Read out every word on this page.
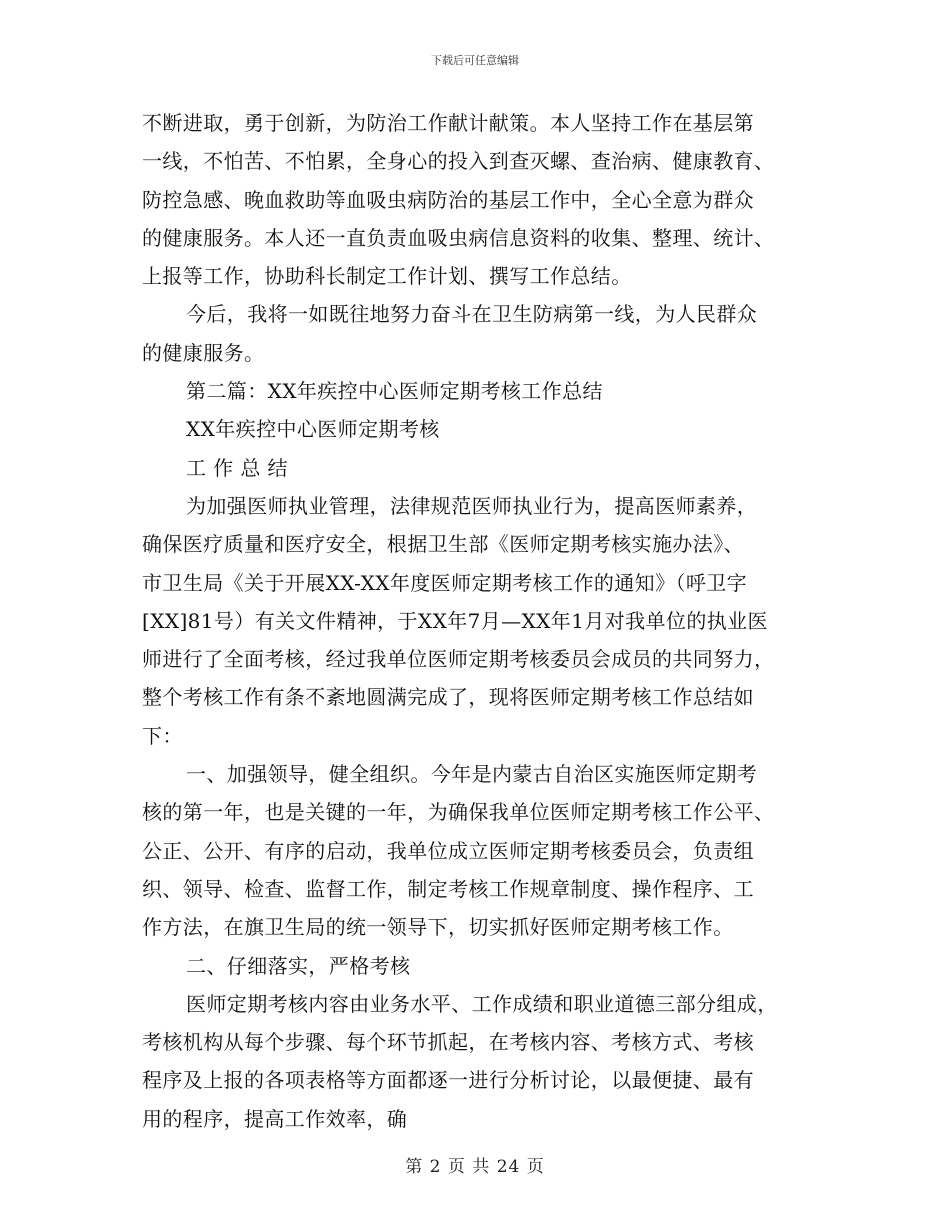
下载后可任意编辑
不断进取，勇于创新，为防治工作献计献策。本人坚持工作在基层第
一线，不怕苦、不怕累，全身心的投入到查灭螺、查治病、健康教育、
防控急感、晚血救助等血吸虫病防治的基层工作中，全心全意为群众
的健康服务。本人还一直负责血吸虫病信息资料的收集、整理、统计、
上报等工作，协助科长制定工作计划、撰写工作总结。
今后，我将一如既往地努力奋斗在卫生防病第一线，为人民群众
的健康服务。
第二篇：XX年疾控中心医师定期考核工作总结
XX年疾控中心医师定期考核
工 作 总 结
为加强医师执业管理，法律规范医师执业行为，提高医师素养，
确保医疗质量和医疗安全，根据卫生部《医师定期考核实施办法》、
市卫生局《关于开展XX-XX年度医师定期考核工作的通知》（呼卫字
[XX]81号）有关文件精神，于XX年7月—XX年1月对我单位的执业医
师进行了全面考核，经过我单位医师定期考核委员会成员的共同努力，
整个考核工作有条不紊地圆满完成了，现将医师定期考核工作总结如
下：
一、加强领导，健全组织。今年是内蒙古自治区实施医师定期考
核的第一年，也是关键的一年，为确保我单位医师定期考核工作公平、
公正、公开、有序的启动，我单位成立医师定期考核委员会，负责组
织、领导、检查、监督工作，制定考核工作规章制度、操作程序、工
作方法，在旗卫生局的统一领导下，切实抓好医师定期考核工作。
二、仔细落实，严格考核
医师定期考核内容由业务水平、工作成绩和职业道德三部分组成，
考核机构从每个步骤、每个环节抓起，在考核内容、考核方式、考核
程序及上报的各项表格等方面都逐一进行分析讨论，以最便捷、最有
用的程序，提高工作效率，确
第 2 页 共 24 页
